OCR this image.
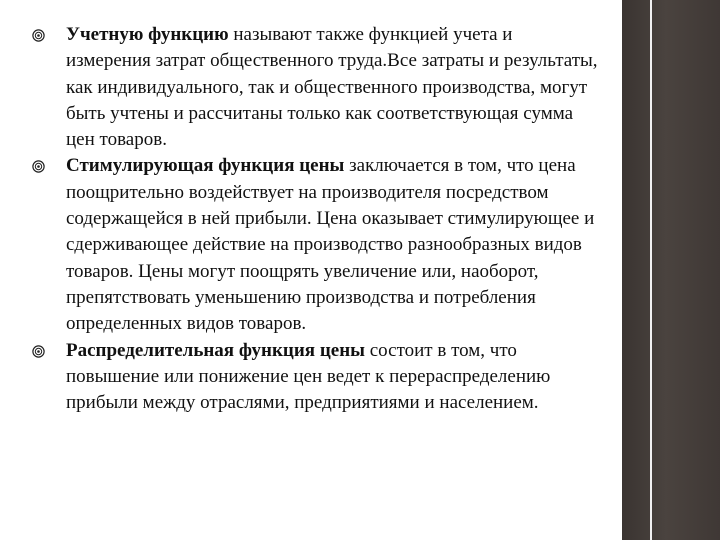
Учетную функцию называют также функцией учета и измерения затрат общественного труда.Все затраты и результаты, как индивидуального, так и общественного производства, могут быть учтены и рассчитаны только как соответствующая сумма цен товаров.
Стимулирующая функция цены заключается в том, что цена поощрительно воздействует на производителя посредством содержащейся в ней прибыли. Цена оказывает стимулирующее и сдерживающее действие на производство разнообразных видов товаров. Цены могут поощрять увеличение или, наоборот, препятствовать уменьшению производства и потребления определенных видов товаров.
Распределительная функция цены состоит в том, что повышение или понижение цен ведет к перераспределению прибыли между отраслями, предприятиями и населением.
